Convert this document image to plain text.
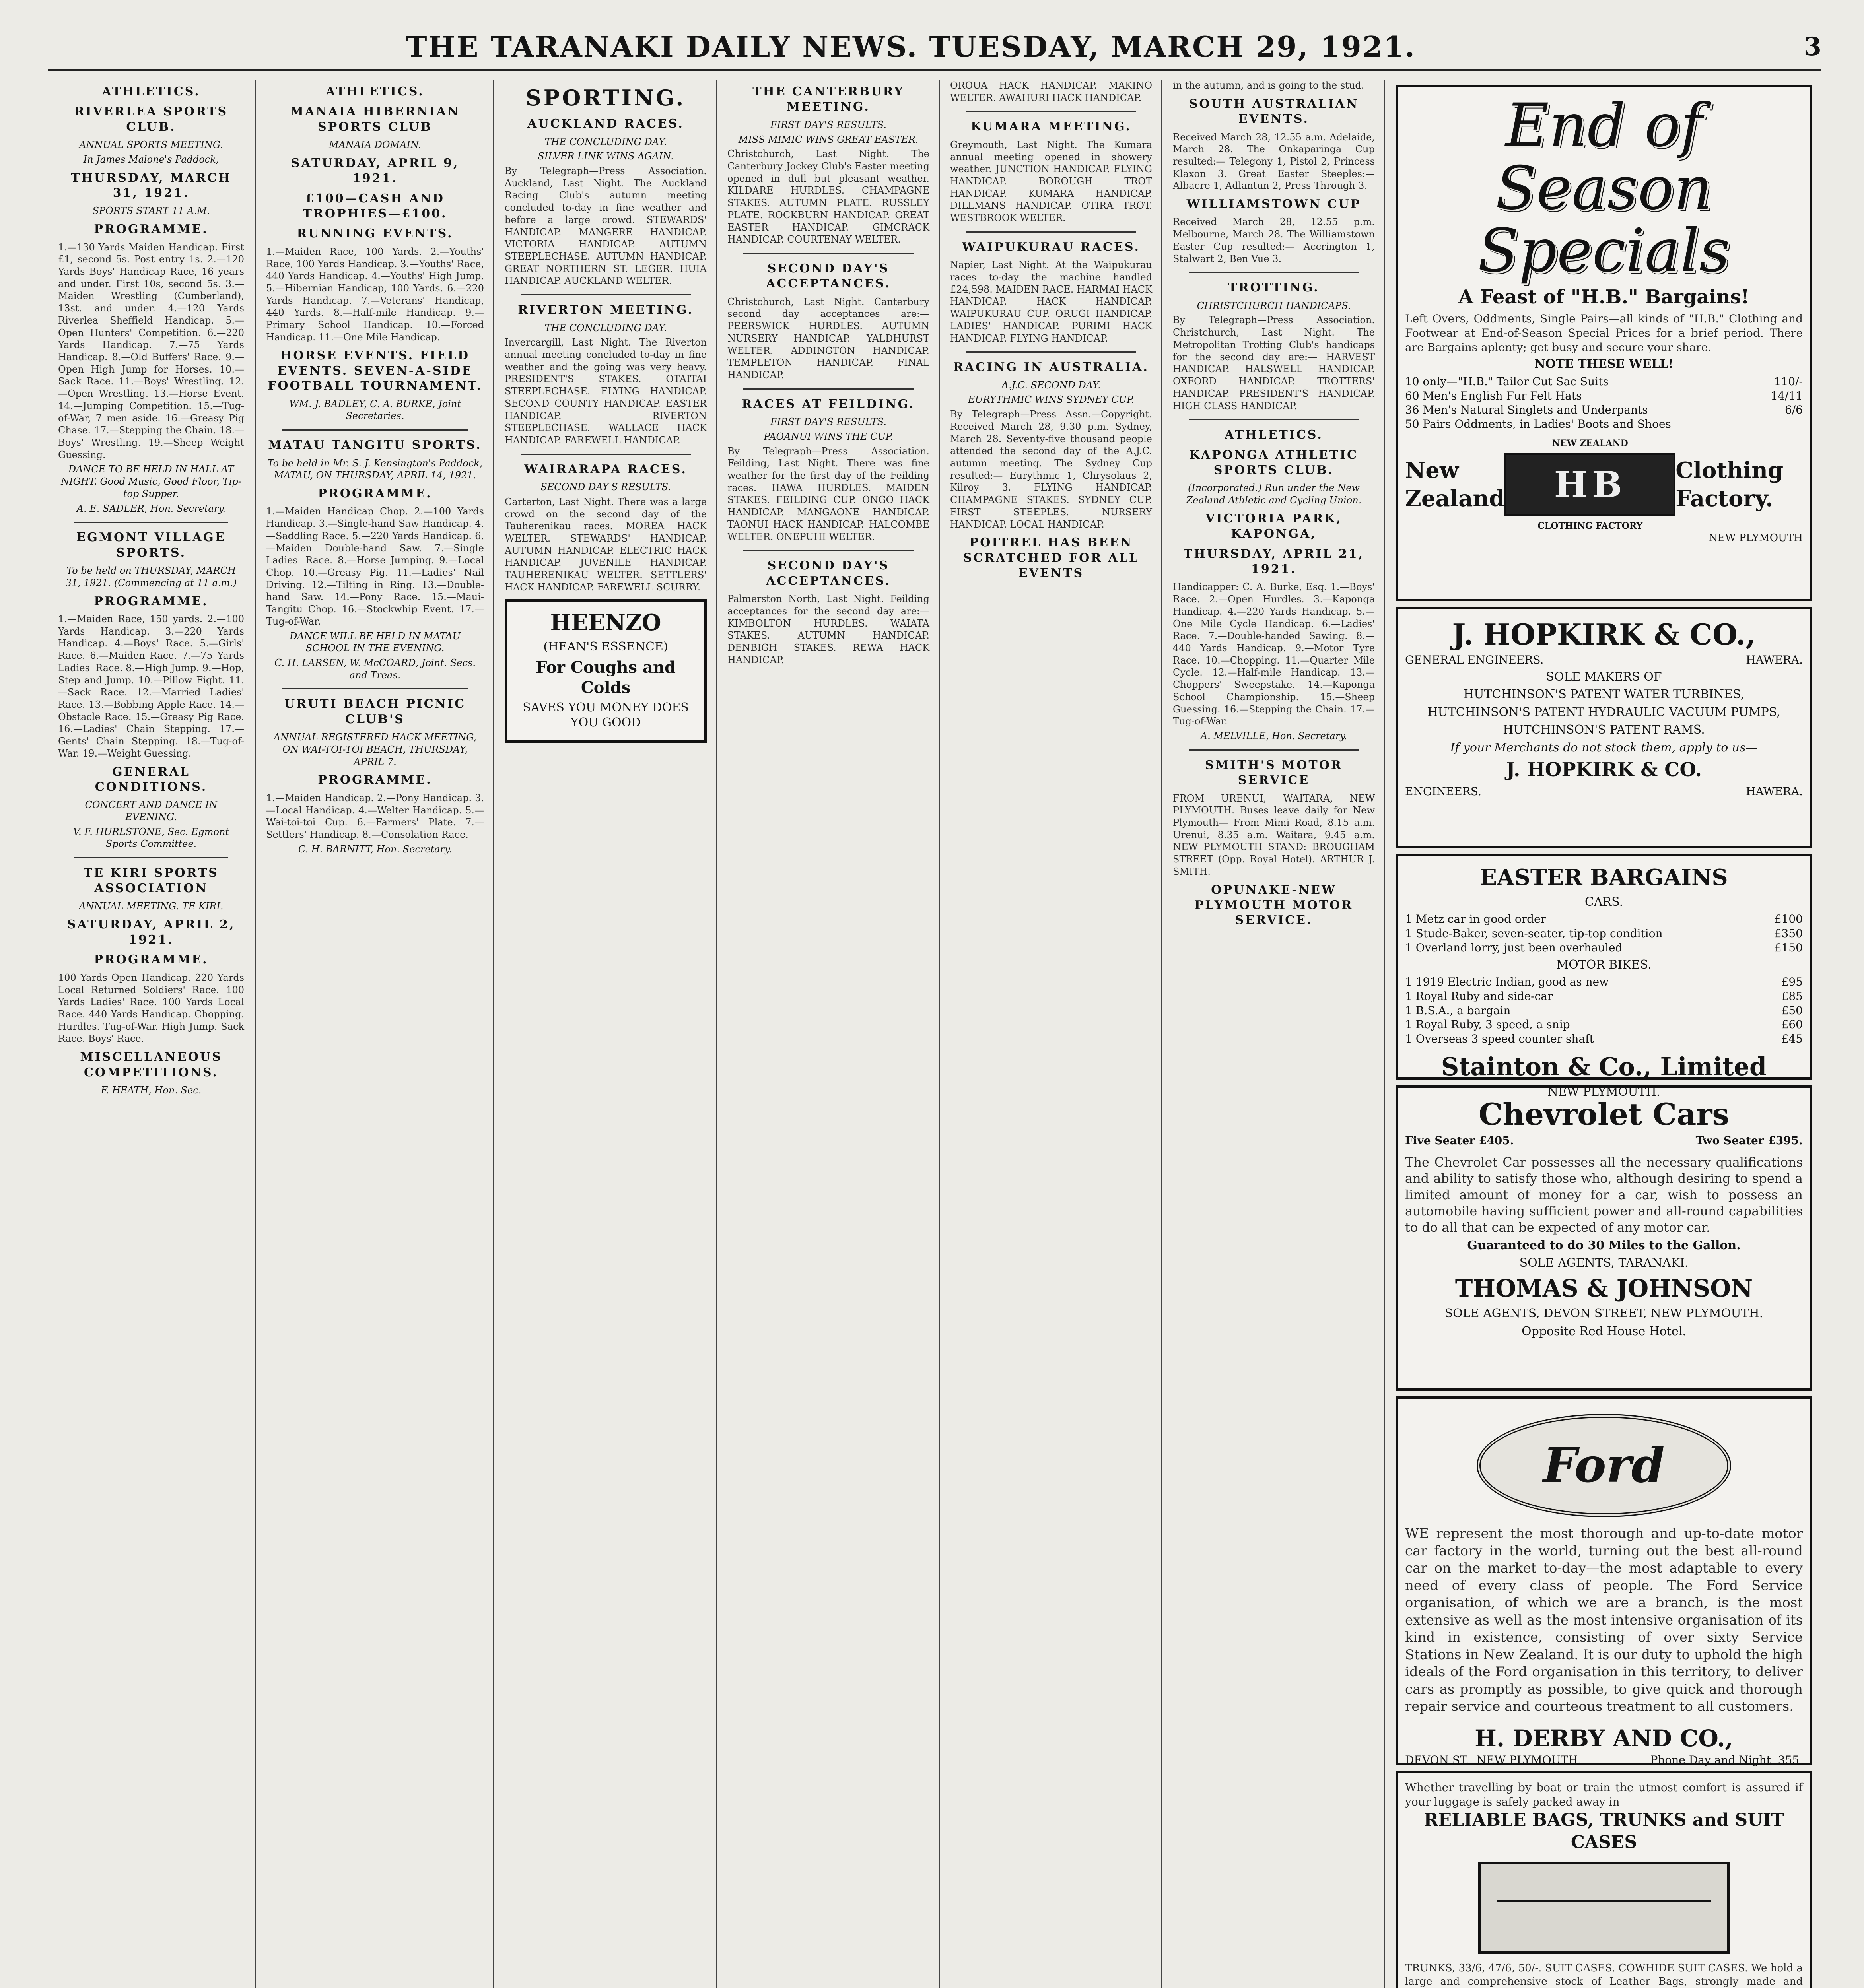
THE TARANAKI DAILY NEWS. TUESDAY, MARCH 29, 1921.	3
ATHLETICS.
RIVERLEA SPORTS CLUB.
ANNUAL SPORTS MEETING.
In James Malone's Paddock,
THURSDAY, MARCH 31, 1921.
SPORTS START 11 A.M.
PROGRAMME.
1.—130 Yards Maiden Handicap. First £1, second 5s. Post entry 1s. 2.—120 Yards Boys' Handicap Race, 16 years and under. First 10s, second 5s. 3.—Maiden Wrestling (Cumberland), 13st. and under. 4.—120 Yards Riverlea Sheffield Handicap. 5.—Open Hunters' Competition. 6.—220 Yards Handicap. 7.—75 Yards Handicap. 8.—Old Buffers' Race. 9.—Open High Jump for Horses. 10.—Sack Race. 11.—Boys' Wrestling. 12.—Open Wrestling. 13.—Horse Event. 14.—Jumping Competition. 15.—Tug-of-War, 7 men aside. 16.—Greasy Pig Chase. 17.—Stepping the Chain. 18.—Boys' Wrestling. 19.—Sheep Weight Guessing.
DANCE TO BE HELD IN HALL AT NIGHT. Good Music, Good Floor, Tip-top Supper.
A. E. SADLER, Hon. Secretary.
EGMONT VILLAGE SPORTS.
To be held on THURSDAY, MARCH 31, 1921. (Commencing at 11 a.m.)
PROGRAMME.
1.—Maiden Race, 150 yards. 2.—100 Yards Handicap. 3.—220 Yards Handicap. 4.—Boys' Race. 5.—Girls' Race. 6.—Maiden Race. 7.—75 Yards Ladies' Race. 8.—High Jump. 9.—Hop, Step and Jump. 10.—Pillow Fight. 11.—Sack Race. 12.—Married Ladies' Race. 13.—Bobbing Apple Race. 14.—Obstacle Race. 15.—Greasy Pig Race. 16.—Ladies' Chain Stepping. 17.—Gents' Chain Stepping. 18.—Tug-of-War. 19.—Weight Guessing.
GENERAL CONDITIONS.
CONCERT AND DANCE IN EVENING.
V. F. HURLSTONE, Sec. Egmont Sports Committee.
TE KIRI SPORTS ASSOCIATION
ANNUAL MEETING. TE KIRI.
SATURDAY, APRIL 2, 1921.
PROGRAMME.
100 Yards Open Handicap. 220 Yards Local Returned Soldiers' Race. 100 Yards Ladies' Race. 100 Yards Local Race. 440 Yards Handicap. Chopping. Hurdles. Tug-of-War. High Jump. Sack Race. Boys' Race.
MISCELLANEOUS COMPETITIONS.
F. HEATH, Hon. Sec.
ATHLETICS.
MANAIA HIBERNIAN SPORTS CLUB
MANAIA DOMAIN.
SATURDAY, APRIL 9, 1921.
£100—CASH AND TROPHIES—£100.
RUNNING EVENTS.
1.—Maiden Race, 100 Yards. 2.—Youths' Race, 100 Yards Handicap. 3.—Youths' Race, 440 Yards Handicap. 4.—Youths' High Jump. 5.—Hibernian Handicap, 100 Yards. 6.—220 Yards Handicap. 7.—Veterans' Handicap, 440 Yards. 8.—Half-mile Handicap. 9.—Primary School Handicap. 10.—Forced Handicap. 11.—One Mile Handicap.
HORSE EVENTS. FIELD EVENTS. SEVEN-A-SIDE FOOTBALL TOURNAMENT.
WM. J. BADLEY, C. A. BURKE, Joint Secretaries.
MATAU TANGITU SPORTS.
To be held in Mr. S. J. Kensington's Paddock, MATAU, ON THURSDAY, APRIL 14, 1921.
PROGRAMME.
1.—Maiden Handicap Chop. 2.—100 Yards Handicap. 3.—Single-hand Saw Handicap. 4.—Saddling Race. 5.—220 Yards Handicap. 6.—Maiden Double-hand Saw. 7.—Single Ladies' Race. 8.—Horse Jumping. 9.—Local Chop. 10.—Greasy Pig. 11.—Ladies' Nail Driving. 12.—Tilting in Ring. 13.—Double-hand Saw. 14.—Pony Race. 15.—Maui-Tangitu Chop. 16.—Stockwhip Event. 17.—Tug-of-War.
DANCE WILL BE HELD IN MATAU SCHOOL IN THE EVENING.
C. H. LARSEN, W. McCOARD, Joint. Secs. and Treas.
URUTI BEACH PICNIC CLUB'S
ANNUAL REGISTERED HACK MEETING, ON WAI-TOI-TOI BEACH, THURSDAY, APRIL 7.
PROGRAMME.
1.—Maiden Handicap. 2.—Pony Handicap. 3.—Local Handicap. 4.—Welter Handicap. 5.—Wai-toi-toi Cup. 6.—Farmers' Plate. 7.—Settlers' Handicap. 8.—Consolation Race.
C. H. BARNITT, Hon. Secretary.
SPORTING.
AUCKLAND RACES.
THE CONCLUDING DAY.
SILVER LINK WINS AGAIN.
By Telegraph—Press Association. Auckland, Last Night. The Auckland Racing Club's autumn meeting concluded to-day in fine weather and before a large crowd. STEWARDS' HANDICAP. MANGERE HANDICAP. VICTORIA HANDICAP. AUTUMN STEEPLECHASE. AUTUMN HANDICAP. GREAT NORTHERN ST. LEGER. HUIA HANDICAP. AUCKLAND WELTER.
RIVERTON MEETING.
THE CONCLUDING DAY.
Invercargill, Last Night. The Riverton annual meeting concluded to-day in fine weather and the going was very heavy. PRESIDENT'S STAKES. OTAITAI STEEPLECHASE. FLYING HANDICAP. SECOND COUNTY HANDICAP. EASTER HANDICAP. RIVERTON STEEPLECHASE. WALLACE HACK HANDICAP. FAREWELL HANDICAP.
WAIRARAPA RACES.
SECOND DAY'S RESULTS.
Carterton, Last Night. There was a large crowd on the second day of the Tauherenikau races. MOREA HACK WELTER. STEWARDS' HANDICAP. AUTUMN HANDICAP. ELECTRIC HACK HANDICAP. JUVENILE HANDICAP. TAUHERENIKAU WELTER. SETTLERS' HACK HANDICAP. FAREWELL SCURRY.
HEENZO
(HEAN'S ESSENCE)
For Coughs and Colds
SAVES YOU MONEY DOES YOU GOOD
THE CANTERBURY MEETING.
FIRST DAY'S RESULTS.
MISS MIMIC WINS GREAT EASTER.
Christchurch, Last Night. The Canterbury Jockey Club's Easter meeting opened in dull but pleasant weather. KILDARE HURDLES. CHAMPAGNE STAKES. AUTUMN PLATE. RUSSLEY PLATE. ROCKBURN HANDICAP. GREAT EASTER HANDICAP. GIMCRACK HANDICAP. COURTENAY WELTER.
SECOND DAY'S ACCEPTANCES.
Christchurch, Last Night. Canterbury second day acceptances are:— PEERSWICK HURDLES. AUTUMN NURSERY HANDICAP. YALDHURST WELTER. ADDINGTON HANDICAP. TEMPLETON HANDICAP. FINAL HANDICAP.
RACES AT FEILDING.
FIRST DAY'S RESULTS.
PAOANUI WINS THE CUP.
By Telegraph—Press Association. Feilding, Last Night. There was fine weather for the first day of the Feilding races. HAWA HURDLES. MAIDEN STAKES. FEILDING CUP. ONGO HACK HANDICAP. MANGAONE HANDICAP. TAONUI HACK HANDICAP. HALCOMBE WELTER. ONEPUHI WELTER.
SECOND DAY'S ACCEPTANCES.
Palmerston North, Last Night. Feilding acceptances for the second day are:— KIMBOLTON HURDLES. WAIATA STAKES. AUTUMN HANDICAP. DENBIGH STAKES. REWA HACK HANDICAP.
OROUA HACK HANDICAP. MAKINO WELTER. AWAHURI HACK HANDICAP.
KUMARA MEETING.
Greymouth, Last Night. The Kumara annual meeting opened in showery weather. JUNCTION HANDICAP. FLYING HANDICAP. BOROUGH TROT HANDICAP. KUMARA HANDICAP. DILLMANS HANDICAP. OTIRA TROT. WESTBROOK WELTER.
WAIPUKURAU RACES.
Napier, Last Night. At the Waipukurau races to-day the machine handled £24,598. MAIDEN RACE. HARMAI HACK HANDICAP. HACK HANDICAP. WAIPUKURAU CUP. ORUGI HANDICAP. LADIES' HANDICAP. PURIMI HACK HANDICAP. FLYING HANDICAP.
RACING IN AUSTRALIA.
A.J.C. SECOND DAY.
EURYTHMIC WINS SYDNEY CUP.
By Telegraph—Press Assn.—Copyright. Received March 28, 9.30 p.m. Sydney, March 28. Seventy-five thousand people attended the second day of the A.J.C. autumn meeting. The Sydney Cup resulted:— Eurythmic 1, Chrysolaus 2, Kilroy 3. FLYING HANDICAP. CHAMPAGNE STAKES. SYDNEY CUP. FIRST STEEPLES. NURSERY HANDICAP. LOCAL HANDICAP.
POITREL HAS BEEN SCRATCHED FOR ALL EVENTS
in the autumn, and is going to the stud.
SOUTH AUSTRALIAN EVENTS.
Received March 28, 12.55 a.m. Adelaide, March 28. The Onkaparinga Cup resulted:— Telegony 1, Pistol 2, Princess Klaxon 3. Great Easter Steeples:— Albacre 1, Adlantun 2, Press Through 3.
WILLIAMSTOWN CUP
Received March 28, 12.55 p.m. Melbourne, March 28. The Williamstown Easter Cup resulted:— Accrington 1, Stalwart 2, Ben Vue 3.
TROTTING.
CHRISTCHURCH HANDICAPS.
By Telegraph—Press Association. Christchurch, Last Night. The Metropolitan Trotting Club's handicaps for the second day are:— HARVEST HANDICAP. HALSWELL HANDICAP. OXFORD HANDICAP. TROTTERS' HANDICAP. PRESIDENT'S HANDICAP. HIGH CLASS HANDICAP.
ATHLETICS.
KAPONGA ATHLETIC SPORTS CLUB.
(Incorporated.) Run under the New Zealand Athletic and Cycling Union.
VICTORIA PARK, KAPONGA,
THURSDAY, APRIL 21, 1921.
Handicapper: C. A. Burke, Esq. 1.—Boys' Race. 2.—Open Hurdles. 3.—Kaponga Handicap. 4.—220 Yards Handicap. 5.—One Mile Cycle Handicap. 6.—Ladies' Race. 7.—Double-handed Sawing. 8.—440 Yards Handicap. 9.—Motor Tyre Race. 10.—Chopping. 11.—Quarter Mile Cycle. 12.—Half-mile Handicap. 13.—Choppers' Sweepstake. 14.—Kaponga School Championship. 15.—Sheep Guessing. 16.—Stepping the Chain. 17.—Tug-of-War.
A. MELVILLE, Hon. Secretary.
SMITH'S MOTOR SERVICE
FROM URENUI, WAITARA, NEW PLYMOUTH. Buses leave daily for New Plymouth— From Mimi Road, 8.15 a.m. Urenui, 8.35 a.m. Waitara, 9.45 a.m. NEW PLYMOUTH STAND: BROUGHAM STREET (Opp. Royal Hotel). ARTHUR J. SMITH.
OPUNAKE-NEW PLYMOUTH MOTOR SERVICE.
End of Season
Specials
A Feast of "H.B." Bargains!
Left Overs, Oddments, Single Pairs—all kinds of "H.B." Clothing and Footwear at End-of-Season Special Prices for a brief period. There are Bargains aplenty; get busy and secure your share.
NOTE THESE WELL!
10 only—"H.B." Tailor Cut Sac Suits	110/-
60 Men's English Fur Felt Hats	14/11
36 Men's Natural Singlets and Underpants	6/6
50 Pairs Oddments, in Ladies' Boots and Shoes
New Zealand
NEW ZEALAND
HB
CLOTHING FACTORY
Clothing Factory.
NEW PLYMOUTH
J. HOPKIRK & CO.,
GENERAL ENGINEERS.	HAWERA.
SOLE MAKERS OF
HUTCHINSON'S PATENT WATER TURBINES,
HUTCHINSON'S PATENT HYDRAULIC VACUUM PUMPS,
HUTCHINSON'S PATENT RAMS.
If your Merchants do not stock them, apply to us—
J. HOPKIRK & CO.
ENGINEERS.	HAWERA.
EASTER BARGAINS
CARS.
1 Metz car in good order	£100
1 Stude-Baker, seven-seater, tip-top condition	£350
1 Overland lorry, just been overhauled	£150
MOTOR BIKES.
1 1919 Electric Indian, good as new	£95
1 Royal Ruby and side-car	£85
1 B.S.A., a bargain	£50
1 Royal Ruby, 3 speed, a snip	£60
1 Overseas 3 speed counter shaft	£45
Stainton & Co., Limited
NEW PLYMOUTH.
Chevrolet Cars
Five Seater £405.	Two Seater £395.
The Chevrolet Car possesses all the necessary qualifications and ability to satisfy those who, although desiring to spend a limited amount of money for a car, wish to possess an automobile having sufficient power and all-round capabilities to do all that can be expected of any motor car.
Guaranteed to do 30 Miles to the Gallon.
SOLE AGENTS, TARANAKI.
THOMAS & JOHNSON
SOLE AGENTS, DEVON STREET, NEW PLYMOUTH.
Opposite Red House Hotel.
Ford
WE represent the most thorough and up-to-date motor car factory in the world, turning out the best all-round car on the market to-day—the most adaptable to every need of every class of people. The Ford Service organisation, of which we are a branch, is the most extensive as well as the most intensive organisation of its kind in existence, consisting of over sixty Service Stations in New Zealand. It is our duty to uphold the high ideals of the Ford organisation in this territory, to deliver cars as promptly as possible, to give quick and thorough repair service and courteous treatment to all customers.
H. DERBY AND CO.,
DEVON ST., NEW PLYMOUTH.	Phone Day and Night, 355.
Whether travelling by boat or train the utmost comfort is assured if your luggage is safely packed away in
RELIABLE BAGS, TRUNKS and SUIT CASES
TRUNKS, 33/6, 47/6, 50/-. SUIT CASES. COWHIDE SUIT CASES. We hold a large and comprehensive stock of Leather Bags, strongly made and
